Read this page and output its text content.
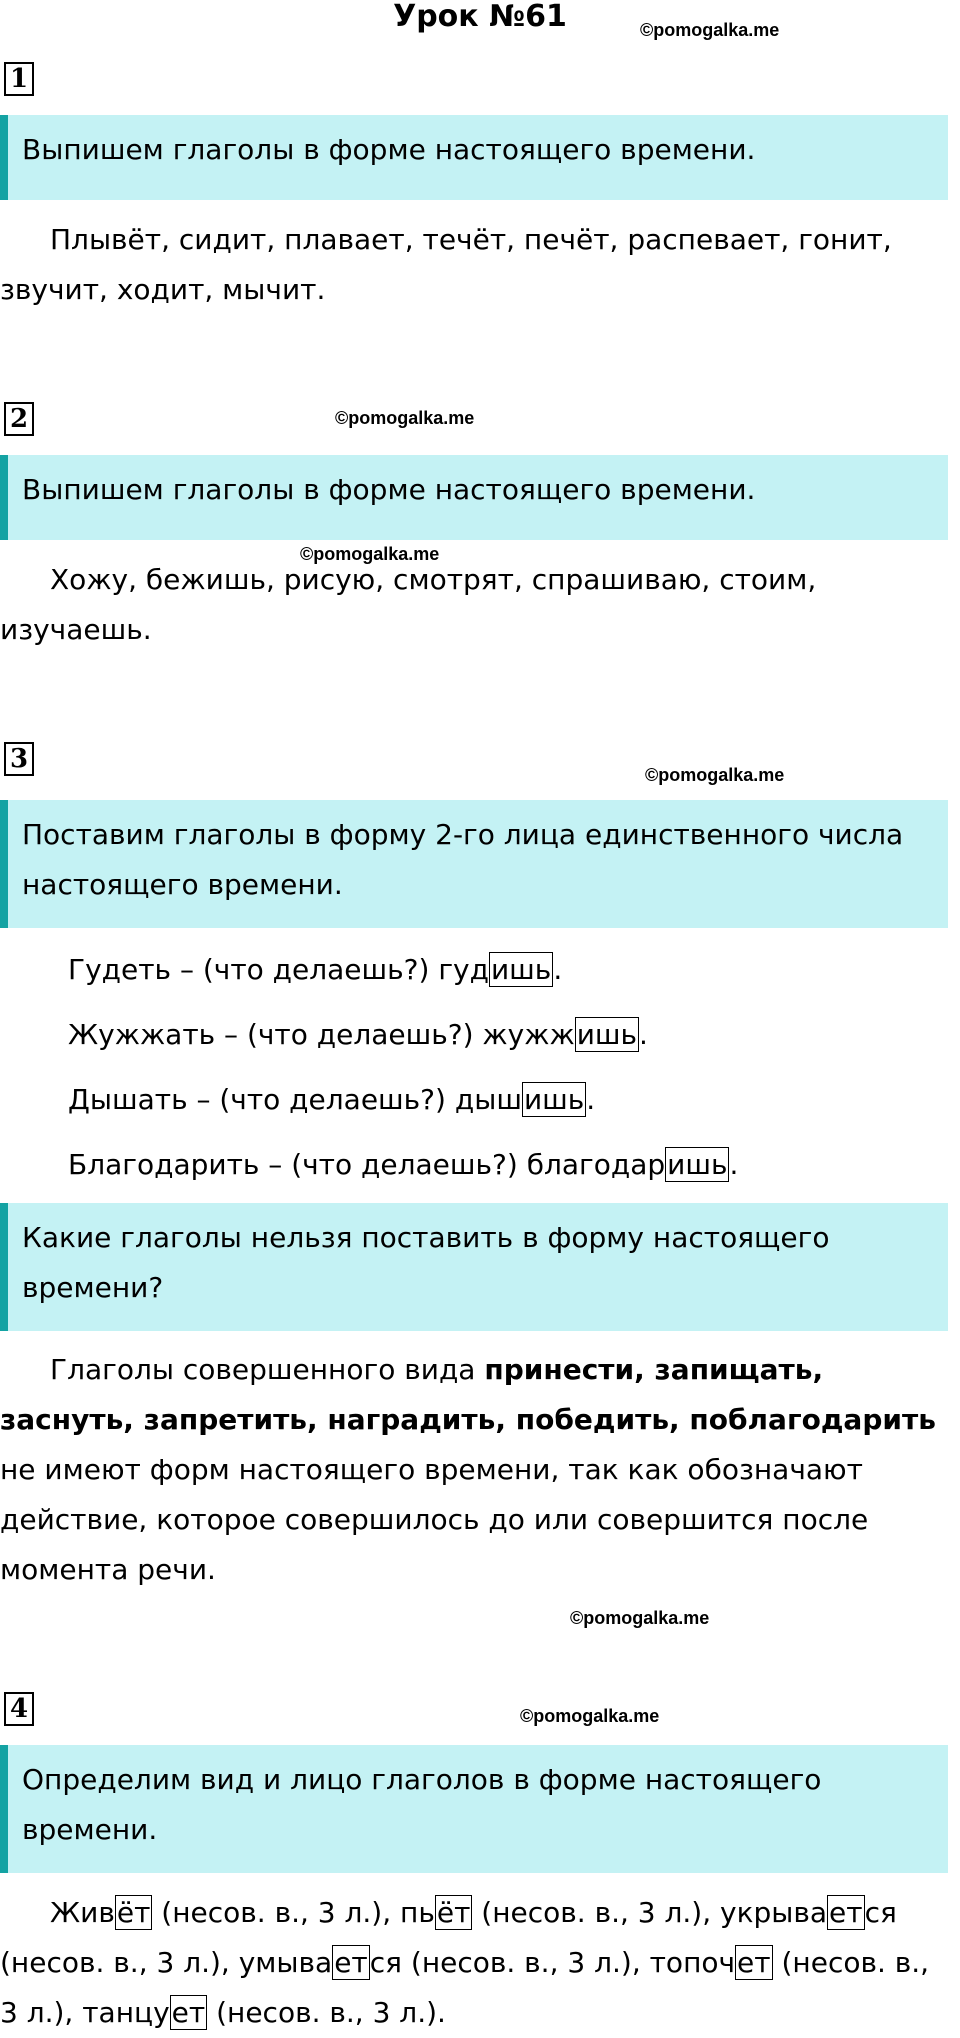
Урок №61	©pomogalka.me
1
Выпишем глаголы в форме настоящего времени.
Плывёт, сидит, плавает, течёт, печёт, распевает, гонит, звучит, ходит, мычит.
2	©pomogalka.me
Выпишем глаголы в форме настоящего времени.
©pomogalka.me
Хожу, бежишь, рисую, смотрят, спрашиваю, стоим, изучаешь.
3
©pomogalka.me
Поставим глаголы в форму 2-го лица единственного числа настоящего времени.
Гудеть – (что делаешь?) гудишь.
Жужжать – (что делаешь?) жужжишь.
Дышать – (что делаешь?) дышишь.
Благодарить – (что делаешь?) благодаришь.
Какие глаголы нельзя поставить в форму настоящего времени?
Глаголы совершенного вида принести, запищать, заснуть, запретить, наградить, победить, поблагодарить не имеют форм настоящего времени, так как обозначают действие, которое совершилось до или совершится после момента речи.
©pomogalka.me
4	©pomogalka.me
Определим вид и лицо глаголов в форме настоящего времени.
Живёт (несов. в., 3 л.), пьёт (несов. в., 3 л.), укрывается (несов. в., 3 л.), умывается (несов. в., 3 л.), топочет (несов. в., 3 л.), танцует (несов. в., 3 л.).
